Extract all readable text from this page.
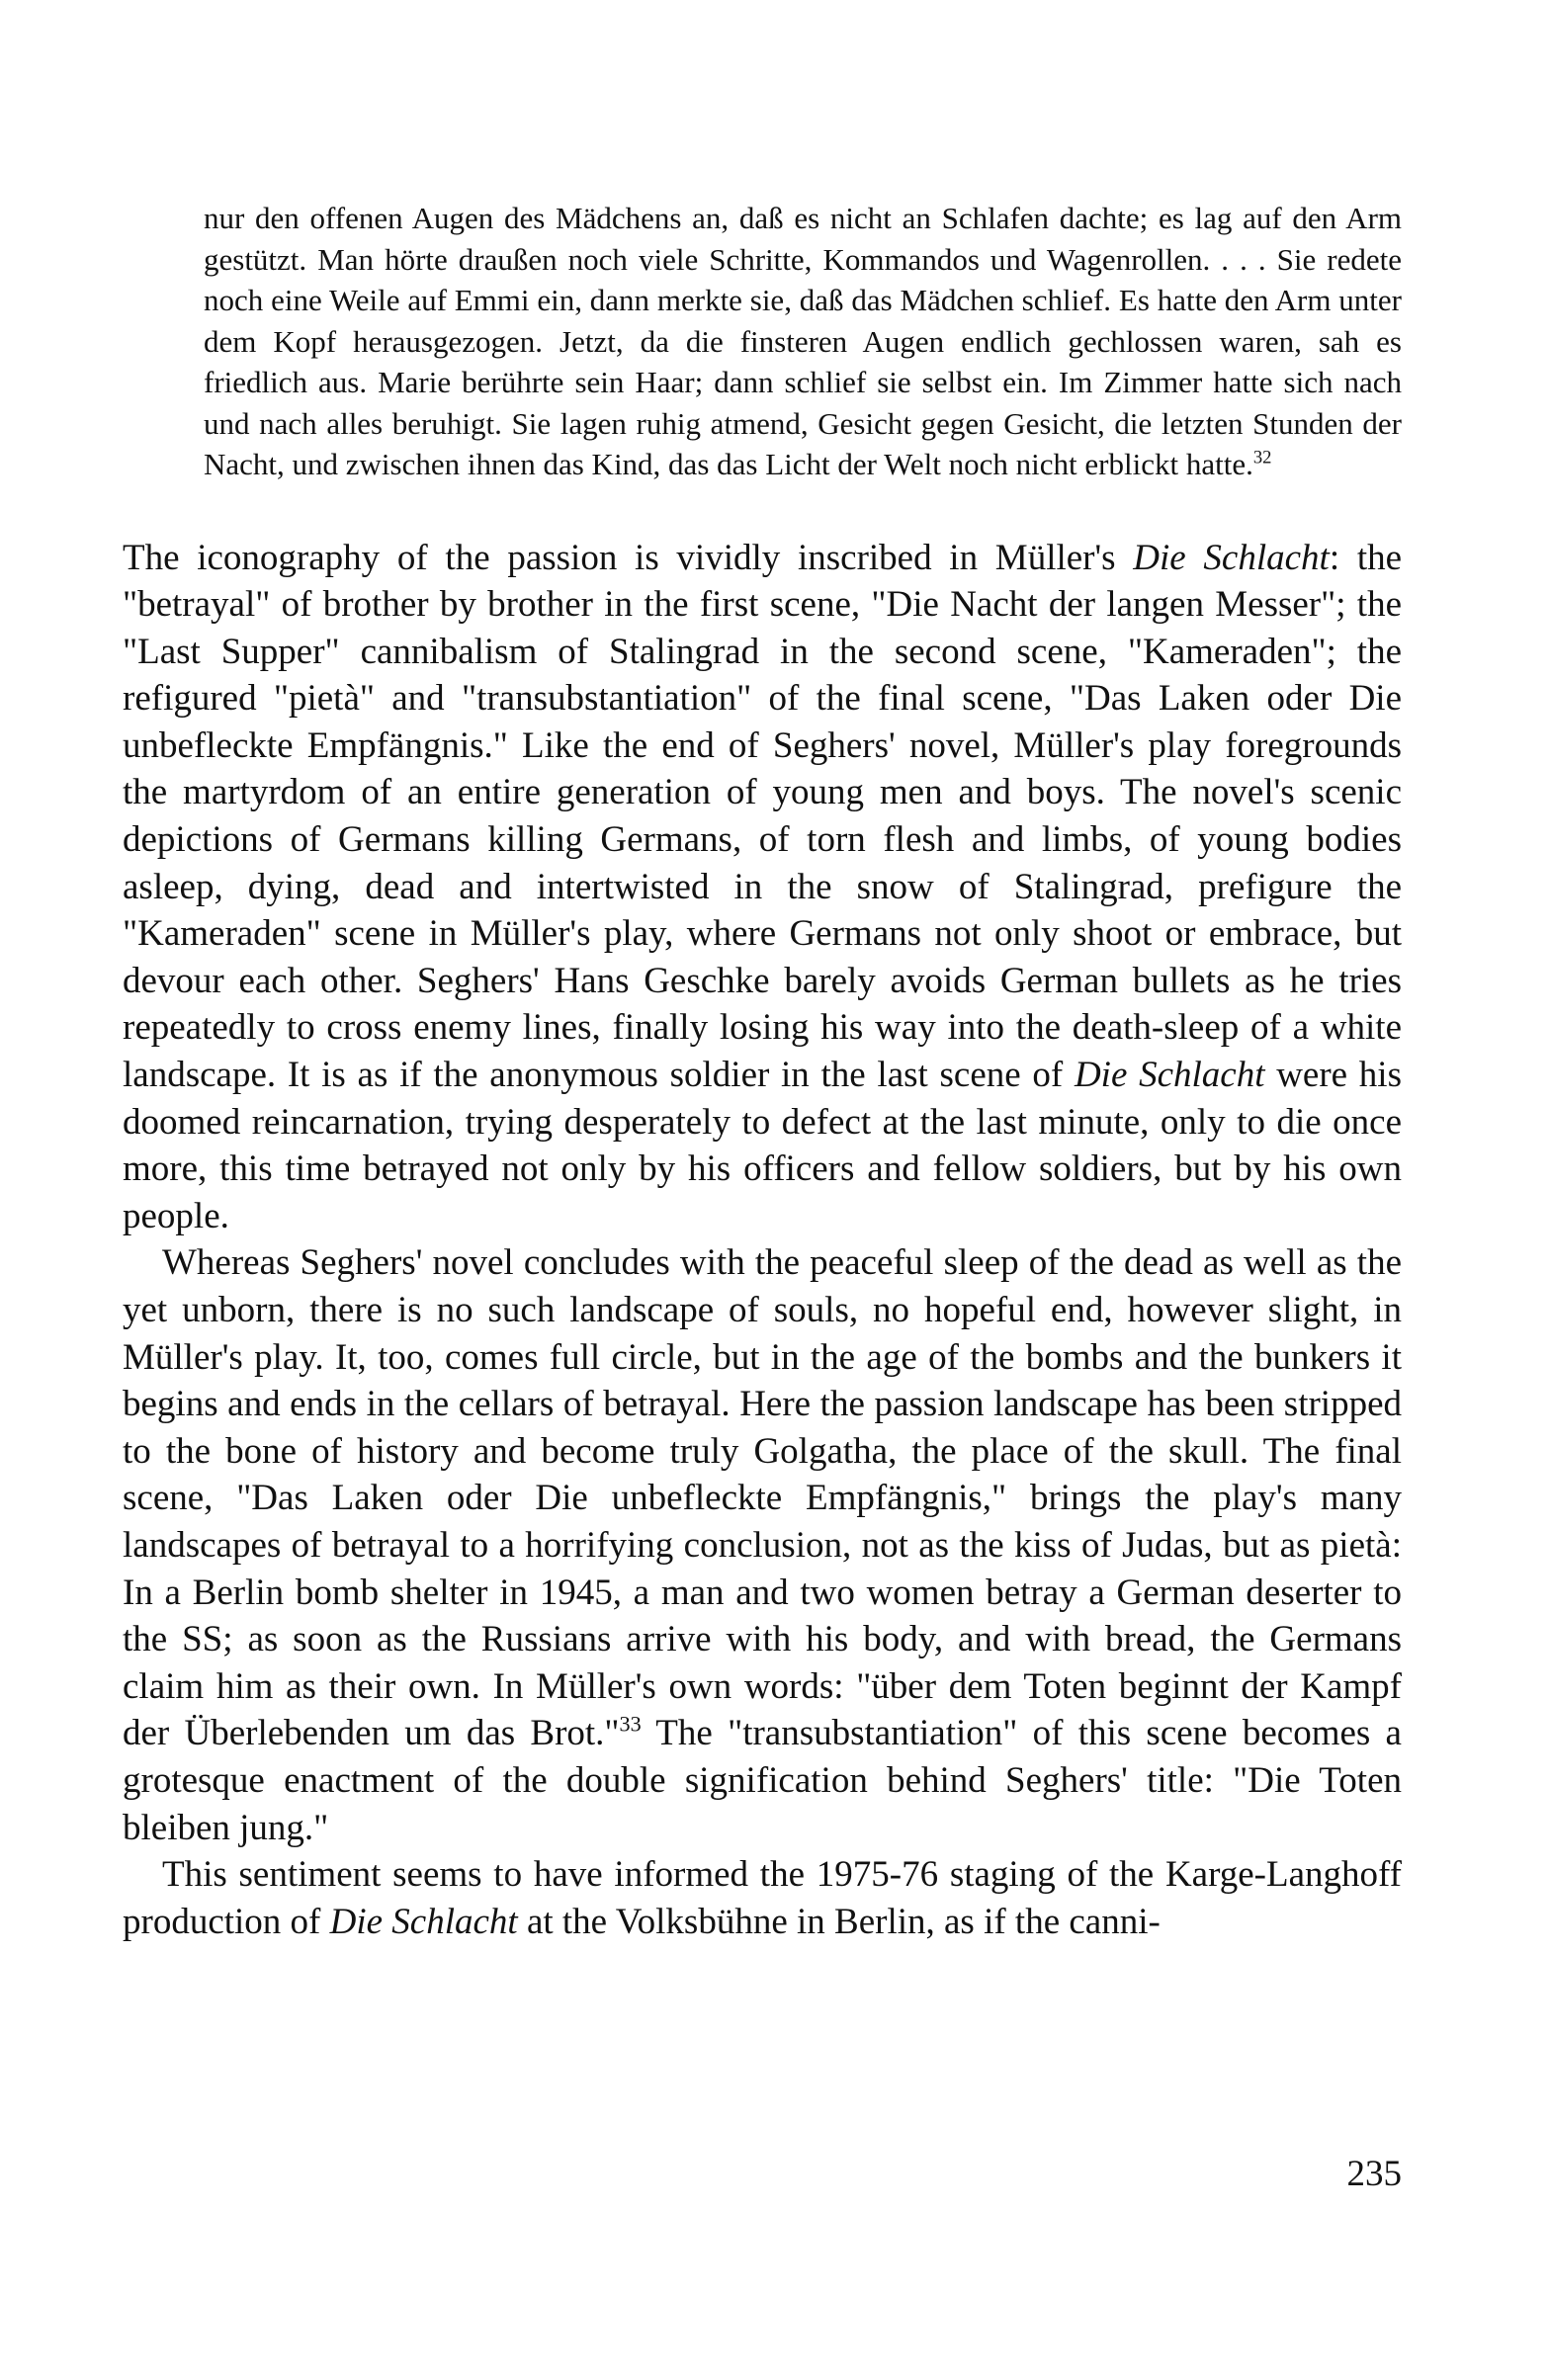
nur den offenen Augen des Mädchens an, daß es nicht an Schlafen dachte; es lag auf den Arm gestützt. Man hörte draußen noch viele Schritte, Kommandos und Wagenrollen. . . . Sie redete noch eine Weile auf Emmi ein, dann merkte sie, daß das Mädchen schlief. Es hatte den Arm unter dem Kopf herausgezogen. Jetzt, da die finsteren Augen endlich gechlossen waren, sah es friedlich aus. Marie berührte sein Haar; dann schlief sie selbst ein. Im Zimmer hatte sich nach und nach alles beruhigt. Sie lagen ruhig atmend, Gesicht gegen Gesicht, die letzten Stunden der Nacht, und zwischen ihnen das Kind, das das Licht der Welt noch nicht erblickt hatte.$^{32}$

The iconography of the passion is vividly inscribed in Müller's Die Schlacht: the "betrayal" of brother by brother in the first scene, "Die Nacht der langen Messer"; the "Last Supper" cannibalism of Stalingrad in the second scene, "Kameraden"; the refigured "pietà" and "transubstantiation" of the final scene, "Das Laken oder Die unbefleckte Empfängnis." Like the end of Seghers' novel, Müller's play foregrounds the martyrdom of an entire generation of young men and boys. The novel's scenic depictions of Germans killing Germans, of torn flesh and limbs, of young bodies asleep, dying, dead and intertwisted in the snow of Stalingrad, prefigure the "Kameraden" scene in Müller's play, where Germans not only shoot or embrace, but devour each other. Seghers' Hans Geschke barely avoids German bullets as he tries repeatedly to cross enemy lines, finally losing his way into the death-sleep of a white landscape. It is as if the anonymous soldier in the last scene of Die Schlacht were his doomed reincarnation, trying desperately to defect at the last minute, only to die once more, this time betrayed not only by his officers and fellow soldiers, but by his own people.

Whereas Seghers' novel concludes with the peaceful sleep of the dead as well as the yet unborn, there is no such landscape of souls, no hopeful end, however slight, in Müller's play. It, too, comes full circle, but in the age of the bombs and the bunkers it begins and ends in the cellars of betrayal. Here the passion landscape has been stripped to the bone of history and become truly Golgatha, the place of the skull. The final scene, "Das Laken oder Die unbefleckte Empfängnis," brings the play's many landscapes of betrayal to a horrifying conclusion, not as the kiss of Judas, but as pietà: In a Berlin bomb shelter in 1945, a man and two women betray a German deserter to the SS; as soon as the Russians arrive with his body, and with bread, the Germans claim him as their own. In Müller's own words: "über dem Toten beginnt der Kampf der Überlebenden um das Brot."$^{33}$ The "transubstantiation" of this scene becomes a grotesque enactment of the double signification behind Seghers' title: "Die Toten bleiben jung."

This sentiment seems to have informed the 1975-76 staging of the Karge-Langhoff production of Die Schlacht at the Volksbühne in Berlin, as if the canni-

235
